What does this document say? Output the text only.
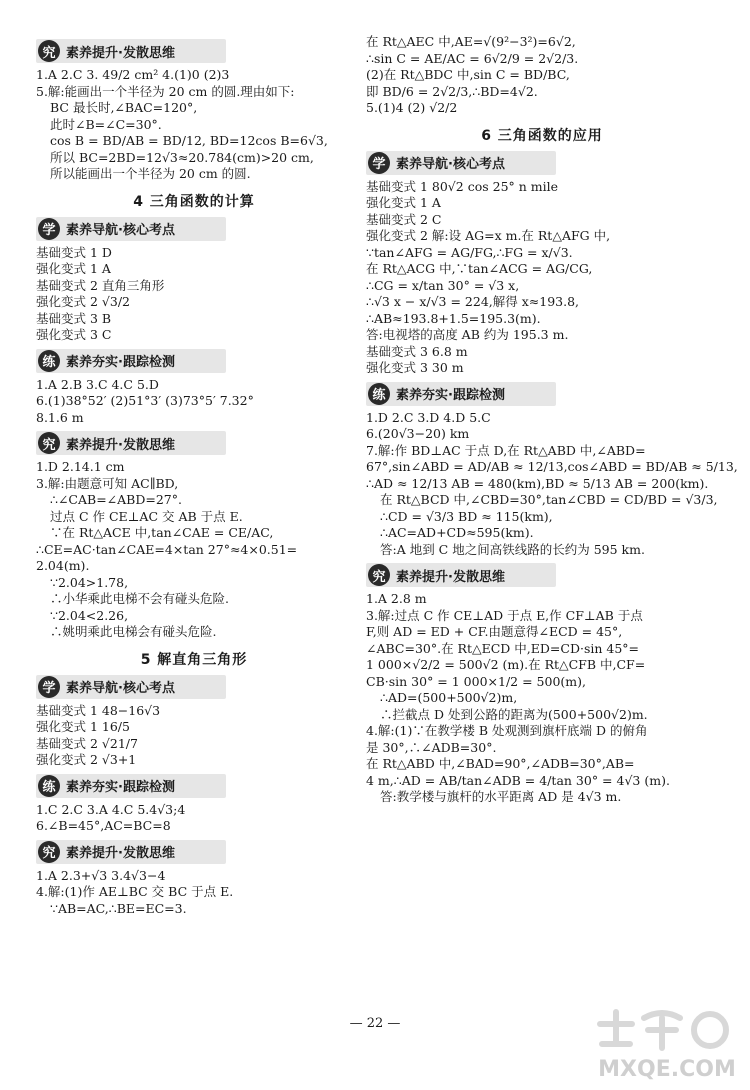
究 素养提升·发散思维
1.A 2.C 3. 49/2 cm² 4.(1)0 (2)3
5.解:能画出一个半径为 20 cm 的圆.理由如下:
BC 最长时,∠BAC=120°,
此时∠B=∠C=30°.
cos B = BD/AB = BD/12, BD=12cos B=6√3,
所以 BC=2BD=12√3≈20.784(cm)>20 cm,
所以能画出一个半径为 20 cm 的圆.
4 三角函数的计算
学 素养导航·核心考点
基础变式 1 D
强化变式 1 A
基础变式 2 直角三角形
强化变式 2 √3/2
基础变式 3 B
强化变式 3 C
练 素养夯实·跟踪检测
1.A 2.B 3.C 4.C 5.D
6.(1)38°52′ (2)51°3′ (3)73°5′ 7.32°
8.1.6 m
究 素养提升·发散思维
1.D 2.14.1 cm
3.解:由题意可知 AC∥BD,
∴∠CAB=∠ABD=27°.
过点 C 作 CE⊥AC 交 AB 于点 E.
∵在 Rt△ACE 中,tan∠CAE = CE/AC,
∴CE=AC·tan∠CAE=4×tan 27°≈4×0.51=
2.04(m).
∵2.04>1.78,
∴小华乘此电梯不会有碰头危险.
∵2.04<2.26,
∴姚明乘此电梯会有碰头危险.
5 解直角三角形
学 素养导航·核心考点
基础变式 1 48−16√3
强化变式 1 16/5
基础变式 2 √21/7
强化变式 2 √3+1
练 素养夯实·跟踪检测
1.C 2.C 3.A 4.C 5.4√3;4
6.∠B=45°,AC=BC=8
究 素养提升·发散思维
1.A 2.3+√3 3.4√3−4
4.解:(1)作 AE⊥BC 交 BC 于点 E.
∵AB=AC,∴BE=EC=3.
在 Rt△AEC 中,AE=√(9²−3²)=6√2,
∴sin C = AE/AC = 6√2/9 = 2√2/3.
(2)在 Rt△BDC 中,sin C = BD/BC,
即 BD/6 = 2√2/3,∴BD=4√2.
5.(1)4 (2) √2/2
6 三角函数的应用
学 素养导航·核心考点
基础变式 1 80√2 cos 25° n mile
强化变式 1 A
基础变式 2 C
强化变式 2 解:设 AG=x m.在 Rt△AFG 中,
∵tan∠AFG = AG/FG,∴FG = x/√3.
在 Rt△ACG 中,∵tan∠ACG = AG/CG,
∴CG = x/tan 30° = √3 x,
∴√3 x − x/√3 = 224,解得 x≈193.8,
∴AB≈193.8+1.5=195.3(m).
答:电视塔的高度 AB 约为 195.3 m.
基础变式 3 6.8 m
强化变式 3 30 m
练 素养夯实·跟踪检测
1.D 2.C 3.D 4.D 5.C
6.(20√3−20) km
7.解:作 BD⊥AC 于点 D,在 Rt△ABD 中,∠ABD=
67°,sin∠ABD = AD/AB ≈ 12/13,cos∠ABD = BD/AB ≈ 5/13,
∴AD ≈ 12/13 AB = 480(km),BD ≈ 5/13 AB = 200(km).
在 Rt△BCD 中,∠CBD=30°,tan∠CBD = CD/BD = √3/3,
∴CD = √3/3 BD ≈ 115(km),
∴AC=AD+CD≈595(km).
答:A 地到 C 地之间高铁线路的长约为 595 km.
究 素养提升·发散思维
1.A 2.8 m
3.解:过点 C 作 CE⊥AD 于点 E,作 CF⊥AB 于点
F,则 AD = ED + CF.由题意得∠ECD = 45°,
∠ABC=30°.在 Rt△ECD 中,ED=CD·sin 45°=
1 000×√2/2 = 500√2 (m).在 Rt△CFB 中,CF=
CB·sin 30° = 1 000×1/2 = 500(m),
∴AD=(500+500√2)m,
∴拦截点 D 处到公路的距离为(500+500√2)m.
4.解:(1)∵在教学楼 B 处观测到旗杆底端 D 的俯角
是 30°,∴∠ADB=30°.
在 Rt△ABD 中,∠BAD=90°,∠ADB=30°,AB=
4 m,∴AD = AB/tan∠ADB = 4/tan 30° = 4√3 (m).
答:教学楼与旗杆的水平距离 AD 是 4√3 m.
— 22 —
MXQE.COM
